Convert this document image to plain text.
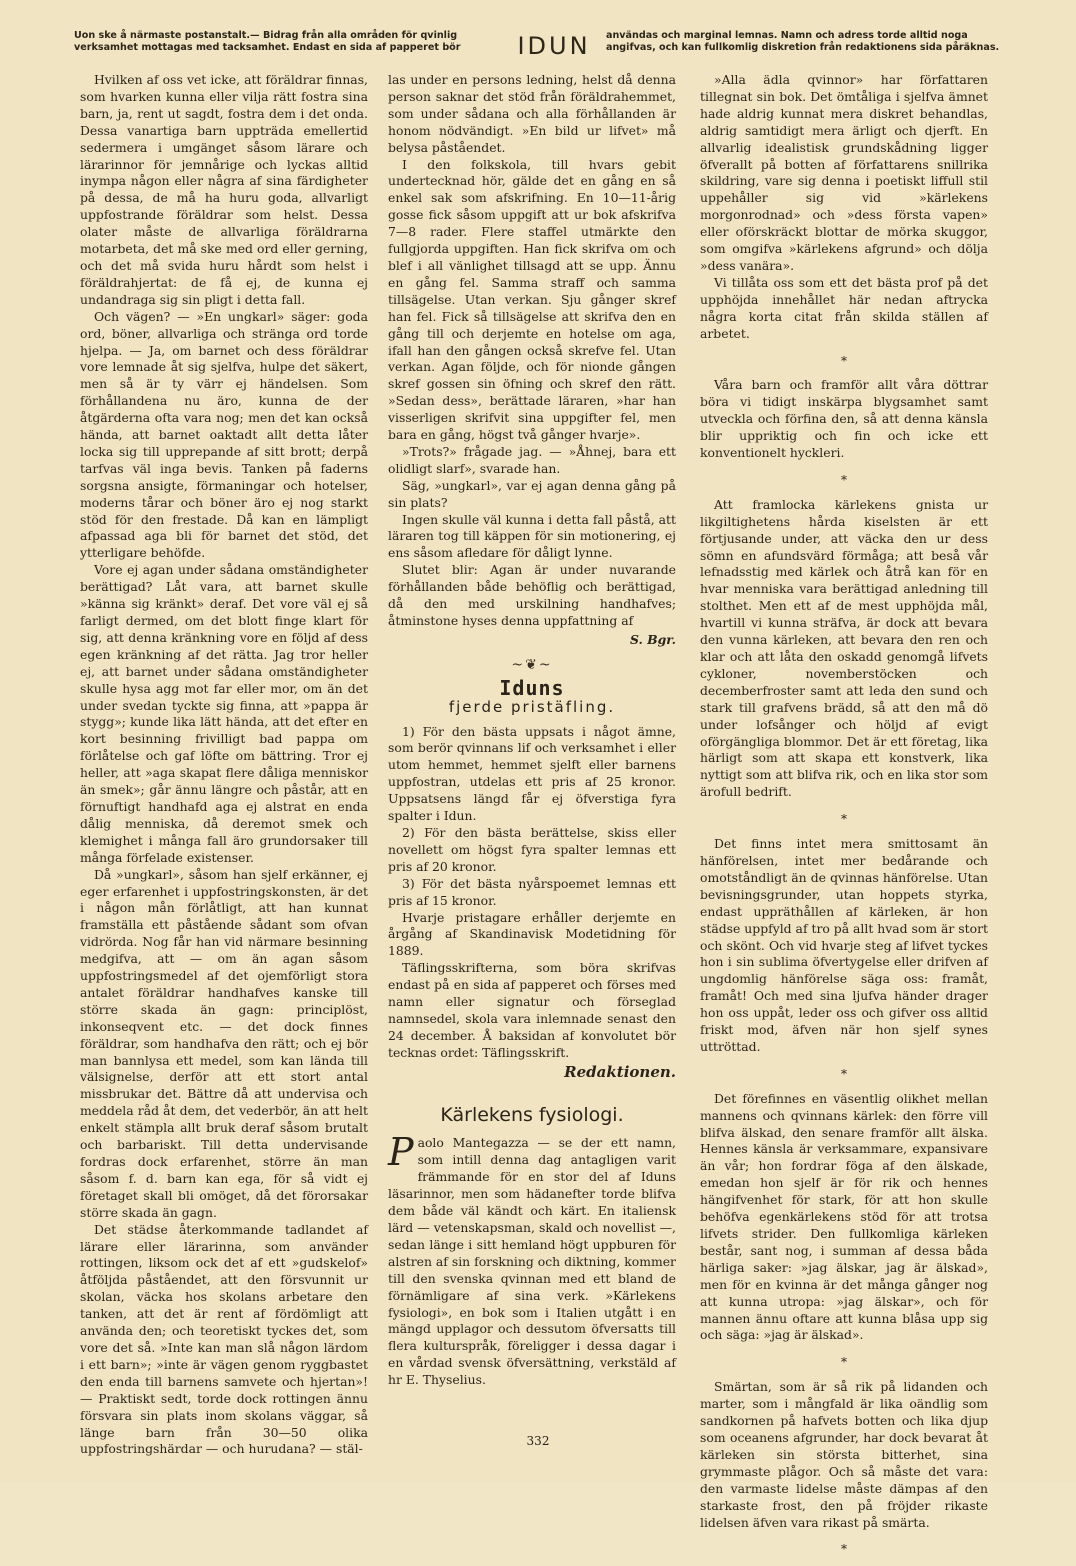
Uon ske å närmaste postanstalt.— Bidrag från alla områden för qvinlig verksamhet mottagas med tacksamhet. Endast en sida af papperet bör	IDUN	användas och marginal lemnas. Namn och adress torde alltid noga angifvas, och kan fullkomlig diskretion från redaktionens sida påräknas.

Hvilken af oss vet icke, att föräldrar finnas, som hvarken kunna eller vilja rätt fostra sina barn, ja, rent ut sagdt, fostra dem i det onda. Dessa vanartiga barn uppträda emellertid sedermera i umgänget såsom lärare och lärarinnor för jemnårige och lyckas alltid inympa någon eller några af sina färdigheter på dessa, de må ha huru goda, allvarligt uppfostrande föräldrar som helst. Dessa olater måste de allvarliga föräldrarna motarbeta, det må ske med ord eller gerning, och det må svida huru hårdt som helst i föräldrahjertat: de få ej, de kunna ej undandraga sig sin pligt i detta fall.

Och vägen? — »En ungkarl» säger: goda ord, böner, allvarliga och stränga ord torde hjelpa. — Ja, om barnet och dess föräldrar vore lemnade åt sig sjelfva, hulpe det säkert, men så är ty värr ej händelsen. Som förhållandena nu äro, kunna de der åtgärderna ofta vara nog; men det kan också hända, att barnet oaktadt allt detta låter locka sig till upprepande af sitt brott; derpå tarfvas väl inga bevis. Tanken på faderns sorgsna ansigte, förmaningar och hotelser, moderns tårar och böner äro ej nog starkt stöd för den frestade. Då kan en lämpligt afpassad aga bli för barnet det stöd, det ytterligare behöfde.

Vore ej agan under sådana omständigheter berättigad? Låt vara, att barnet skulle »känna sig kränkt» deraf. Det vore väl ej så farligt dermed, om det blott finge klart för sig, att denna kränkning vore en följd af dess egen kränkning af det rätta. Jag tror heller ej, att barnet under sådana omständigheter skulle hysa agg mot far eller mor, om än det under svedan tyckte sig finna, att »pappa är stygg»; kunde lika lätt hända, att det efter en kort besinning frivilligt bad pappa om förlåtelse och gaf löfte om bättring. Tror ej heller, att »aga skapat flere dåliga menniskor än smek»; går ännu längre och påstår, att en förnuftigt handhafd aga ej alstrat en enda dålig menniska, då deremot smek och klemighet i många fall äro grundorsaker till många förfelade existenser.

Då »ungkarl», såsom han sjelf erkänner, ej eger erfarenhet i uppfostringskonsten, är det i någon mån förlåtligt, att han kunnat framställa ett påstående sådant som ofvan vidrörda. Nog får han vid närmare besinning medgifva, att — om än agan såsom uppfostringsmedel af det ojemförligt stora antalet föräldrar handhafves kanske till större skada än gagn: principlöst, inkonseqvent etc. — det dock finnes föräldrar, som handhafva den rätt; och ej bör man bannlysa ett medel, som kan lända till välsignelse, derför att ett stort antal missbrukar det. Bättre då att undervisa och meddela råd åt dem, det vederbör, än att helt enkelt stämpla allt bruk deraf såsom brutalt och barbariskt. Till detta undervisande fordras dock erfarenhet, större än man såsom f. d. barn kan ega, för så vidt ej företaget skall bli omöget, då det förorsakar större skada än gagn.

Det städse återkommande tadlandet af lärare eller lärarinna, som använder rottingen, liksom ock det af ett »gudskelof» åtföljda påståendet, att den försvunnit ur skolan, väcka hos skolans arbetare den tanken, att det är rent af fördömligt att använda den; och teoretiskt tyckes det, som vore det så. »Inte kan man slå någon lärdom i ett barn»; »inte är vägen genom ryggbastet den enda till barnens samvete och hjertan»! — Praktiskt sedt, torde dock rottingen ännu försvara sin plats inom skolans väggar, så länge barn från 30—50 olika uppfostringshärdar — och hurudana? — stäl-

las under en persons ledning, helst då denna person saknar det stöd från föräldrahemmet, som under sådana och alla förhållanden är honom nödvändigt. »En bild ur lifvet» må belysa påståendet.

I den folkskola, till hvars gebit undertecknad hör, gälde det en gång en så enkel sak som afskrifning. En 10—11-årig gosse fick såsom uppgift att ur bok afskrifva 7—8 rader. Flere staffel utmärkte den fullgjorda uppgiften. Han fick skrifva om och blef i all vänlighet tillsagd att se upp. Ännu en gång fel. Samma straff och samma tillsägelse. Utan verkan. Sju gånger skref han fel. Fick så tillsägelse att skrifva den en gång till och derjemte en hotelse om aga, ifall han den gången också skrefve fel. Utan verkan. Agan följde, och för nionde gången skref gossen sin öfning och skref den rätt. »Sedan dess», berättade läraren, »har han visserligen skrifvit sina uppgifter fel, men bara en gång, högst två gånger hvarje».

»Trots?» frågade jag. — »Åhnej, bara ett olidligt slarf», svarade han.

Säg, »ungkarl», var ej agan denna gång på sin plats?

Ingen skulle väl kunna i detta fall påstå, att läraren tog till käppen för sin motionering, ej ens såsom afledare för dåligt lynne.

Slutet blir: Agan är under nuvarande förhållanden både behöflig och berättigad, då den med urskilning handhafves; åtminstone hyses denna uppfattning af

S. Bgr.
~❦~
Iduns
fjerde pristäfling.

1) För den bästa uppsats i något ämne, som berör qvinnans lif och verksamhet i eller utom hemmet, hemmet sjelft eller barnens uppfostran, utdelas ett pris af 25 kronor. Uppsatsens längd får ej öfverstiga fyra spalter i Idun.

2) För den bästa berättelse, skiss eller novellett om högst fyra spalter lemnas ett pris af 20 kronor.

3) För det bästa nyårspoemet lemnas ett pris af 15 kronor.

Hvarje pristagare erhåller derjemte en årgång af Skandinavisk Modetidning för 1889.

Täflingsskrifterna, som böra skrifvas endast på en sida af papperet och förses med namn eller signatur och förseglad namnsedel, skola vara inlemnade senast den 24 december. Å baksidan af konvolutet bör tecknas ordet: Täflingsskrift.

Redaktionen.
Kärlekens fysiologi.
P aolo Mantegazza — se der ett namn, som intill denna dag antagligen varit främmande för en stor del af Iduns läsarinnor, men som hädanefter torde blifva dem både väl kändt och kärt. En italiensk lärd — vetenskapsman, skald och novellist —, sedan länge i sitt hemland högt uppburen för alstren af sin forskning och diktning, kommer till den svenska qvinnan med ett bland de förnämligare af sina verk. »Kärlekens fysiologi», en bok som i Italien utgått i en mängd upplagor och dessutom öfversatts till flera kulturspråk, föreligger i dessa dagar i en vårdad svensk öfversättning, verkstäld af hr E. Thyselius.

»Alla ädla qvinnor» har författaren tillegnat sin bok. Det ömtåliga i sjelfva ämnet hade aldrig kunnat mera diskret behandlas, aldrig samtidigt mera ärligt och djerft. En allvarlig idealistisk grundskådning ligger öfverallt på botten af författarens snillrika skildring, vare sig denna i poetiskt liffull stil uppehåller sig vid »kärlekens morgonrodnad» och »dess första vapen» eller oförskräckt blottar de mörka skuggor, som omgifva »kärlekens afgrund» och dölja »dess vanära».

Vi tillåta oss som ett det bästa prof på det upphöjda innehållet här nedan aftrycka några korta citat från skilda ställen af arbetet.

*

Våra barn och framför allt våra döttrar böra vi tidigt inskärpa blygsamhet samt utveckla och förfina den, så att denna känsla blir uppriktig och fin och icke ett konventionelt hyckleri.

*

Att framlocka kärlekens gnista ur likgiltighetens hårda kiselsten är ett förtjusande under, att väcka den ur dess sömn en afundsvärd förmåga; att beså vår lefnadsstig med kärlek och åtrå kan för en hvar menniska vara berättigad anledning till stolthet. Men ett af de mest upphöjda mål, hvartill vi kunna sträfva, är dock att bevara den vunna kärleken, att bevara den ren och klar och att låta den oskadd genomgå lifvets cykloner, novemberstöcken och decemberfroster samt att leda den sund och stark till grafvens brädd, så att den må dö under lofsånger och höljd af evigt oförgängliga blommor. Det är ett företag, lika härligt som att skapa ett konstverk, lika nyttigt som att blifva rik, och en lika stor som ärofull bedrift.

*

Det finns intet mera smittosamt än hänförelsen, intet mer bedårande och omotståndligt än de qvinnas hänförelse. Utan bevisningsgrunder, utan hoppets styrka, endast uppräthållen af kärleken, är hon städse uppfyld af tro på allt hvad som är stort och skönt. Och vid hvarje steg af lifvet tyckes hon i sin sublima öfvertygelse eller drifven af ungdomlig hänförelse säga oss: framåt, framåt! Och med sina ljufva händer drager hon oss uppåt, leder oss och gifver oss alltid friskt mod, äfven när hon sjelf synes uttröttad.

*

Det förefinnes en väsentlig olikhet mellan mannens och qvinnans kärlek: den förre vill blifva älskad, den senare framför allt älska. Hennes känsla är verksammare, expansivare än vår; hon fordrar föga af den älskade, emedan hon sjelf är för rik och hennes hängifvenhet för stark, för att hon skulle behöfva egenkärlekens stöd för att trotsa lifvets strider. Den fullkomliga kärleken består, sant nog, i summan af dessa båda härliga saker: »jag älskar, jag är älskad», men för en kvinna är det många gånger nog att kunna utropa: »jag älskar», och för mannen ännu oftare att kunna blåsa upp sig och säga: »jag är älskad».

*

Smärtan, som är så rik på lidanden och marter, som i mångfald är lika oändlig som sandkornen på hafvets botten och lika djup som oceanens afgrunder, har dock bevarat åt kärleken sin största bitterhet, sina grymmaste plågor. Och så måste det vara: den varmaste lidelse måste dämpas af den starkaste frost, den på fröjder rikaste lidelsen äfven vara rikast på smärta.

*
332
